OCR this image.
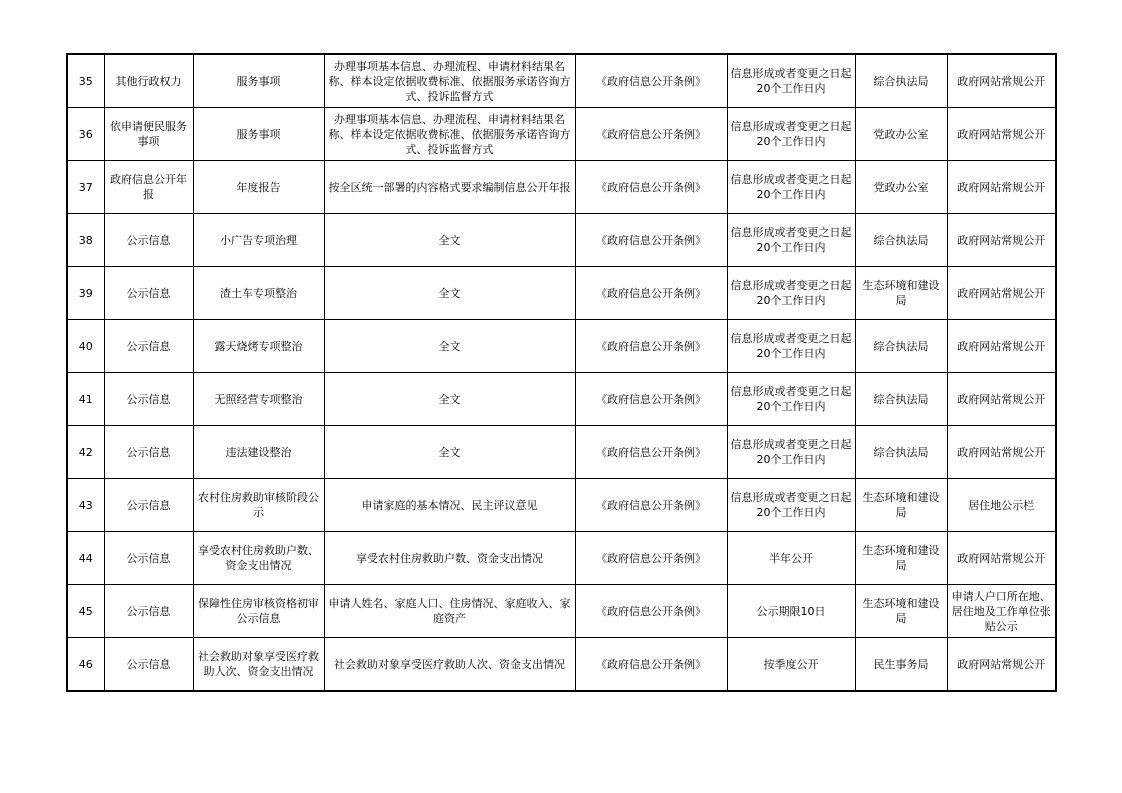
35	其他行政权力	服务事项	办理事项基本信息、办理流程、申请材料结果名称、样本设定依据收费标准、依据服务承诺咨询方式、投诉监督方式	《政府信息公开条例》	信息形成或者变更之日起20个工作日内	综合执法局	政府网站常规公开
36	依申请便民服务事项	服务事项	办理事项基本信息、办理流程、申请材料结果名称、样本设定依据收费标准、依据服务承诺咨询方式、投诉监督方式	《政府信息公开条例》	信息形成或者变更之日起20个工作日内	党政办公室	政府网站常规公开
37	政府信息公开年报	年度报告	按全区统一部署的内容格式要求编制信息公开年报	《政府信息公开条例》	信息形成或者变更之日起20个工作日内	党政办公室	政府网站常规公开
38	公示信息	小广告专项治理	全文	《政府信息公开条例》	信息形成或者变更之日起20个工作日内	综合执法局	政府网站常规公开
39	公示信息	渣土车专项整治	全文	《政府信息公开条例》	信息形成或者变更之日起20个工作日内	生态环境和建设局	政府网站常规公开
40	公示信息	露天烧烤专项整治	全文	《政府信息公开条例》	信息形成或者变更之日起20个工作日内	综合执法局	政府网站常规公开
41	公示信息	无照经营专项整治	全文	《政府信息公开条例》	信息形成或者变更之日起20个工作日内	综合执法局	政府网站常规公开
42	公示信息	违法建设整治	全文	《政府信息公开条例》	信息形成或者变更之日起20个工作日内	综合执法局	政府网站常规公开
43	公示信息	农村住房救助审核阶段公示	申请家庭的基本情况、民主评议意见	《政府信息公开条例》	信息形成或者变更之日起20个工作日内	生态环境和建设局	居住地公示栏
44	公示信息	享受农村住房救助户数、资金支出情况	享受农村住房救助户数、资金支出情况	《政府信息公开条例》	半年公开	生态环境和建设局	政府网站常规公开
45	公示信息	保障性住房审核资格初审公示信息	申请人姓名、家庭人口、住房情况、家庭收入、家庭资产	《政府信息公开条例》	公示期限10日	生态环境和建设局	申请人户口所在地、居住地及工作单位张贴公示
46	公示信息	社会救助对象享受医疗救助人次、资金支出情况	社会救助对象享受医疗救助人次、资金支出情况	《政府信息公开条例》	按季度公开	民生事务局	政府网站常规公开
